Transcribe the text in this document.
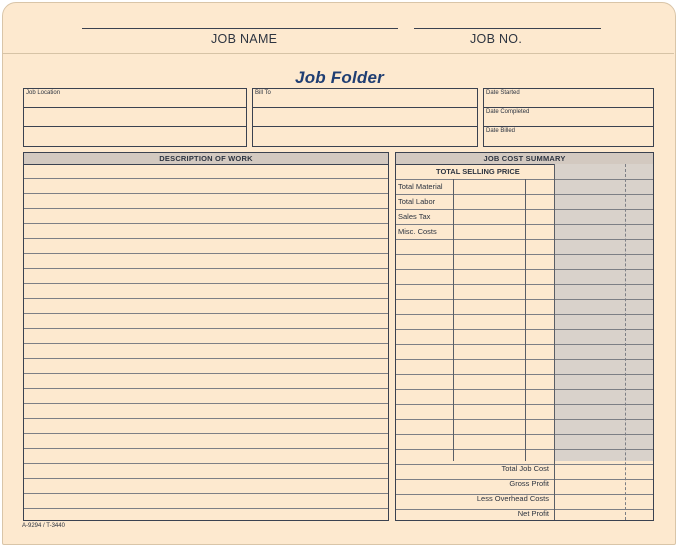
JOB NAME	JOB NO.
Job Folder
Job Location	Bill To	Date Started
Date Completed
Date Billed
DESCRIPTION OF WORK	JOB COST SUMMARY
TOTAL SELLING PRICE
Total Material
Total Labor
Sales Tax
Misc. Costs
Total Job Cost
Gross Profit
Less Overhead Costs
Net Profit
A-9294 / T-3440
